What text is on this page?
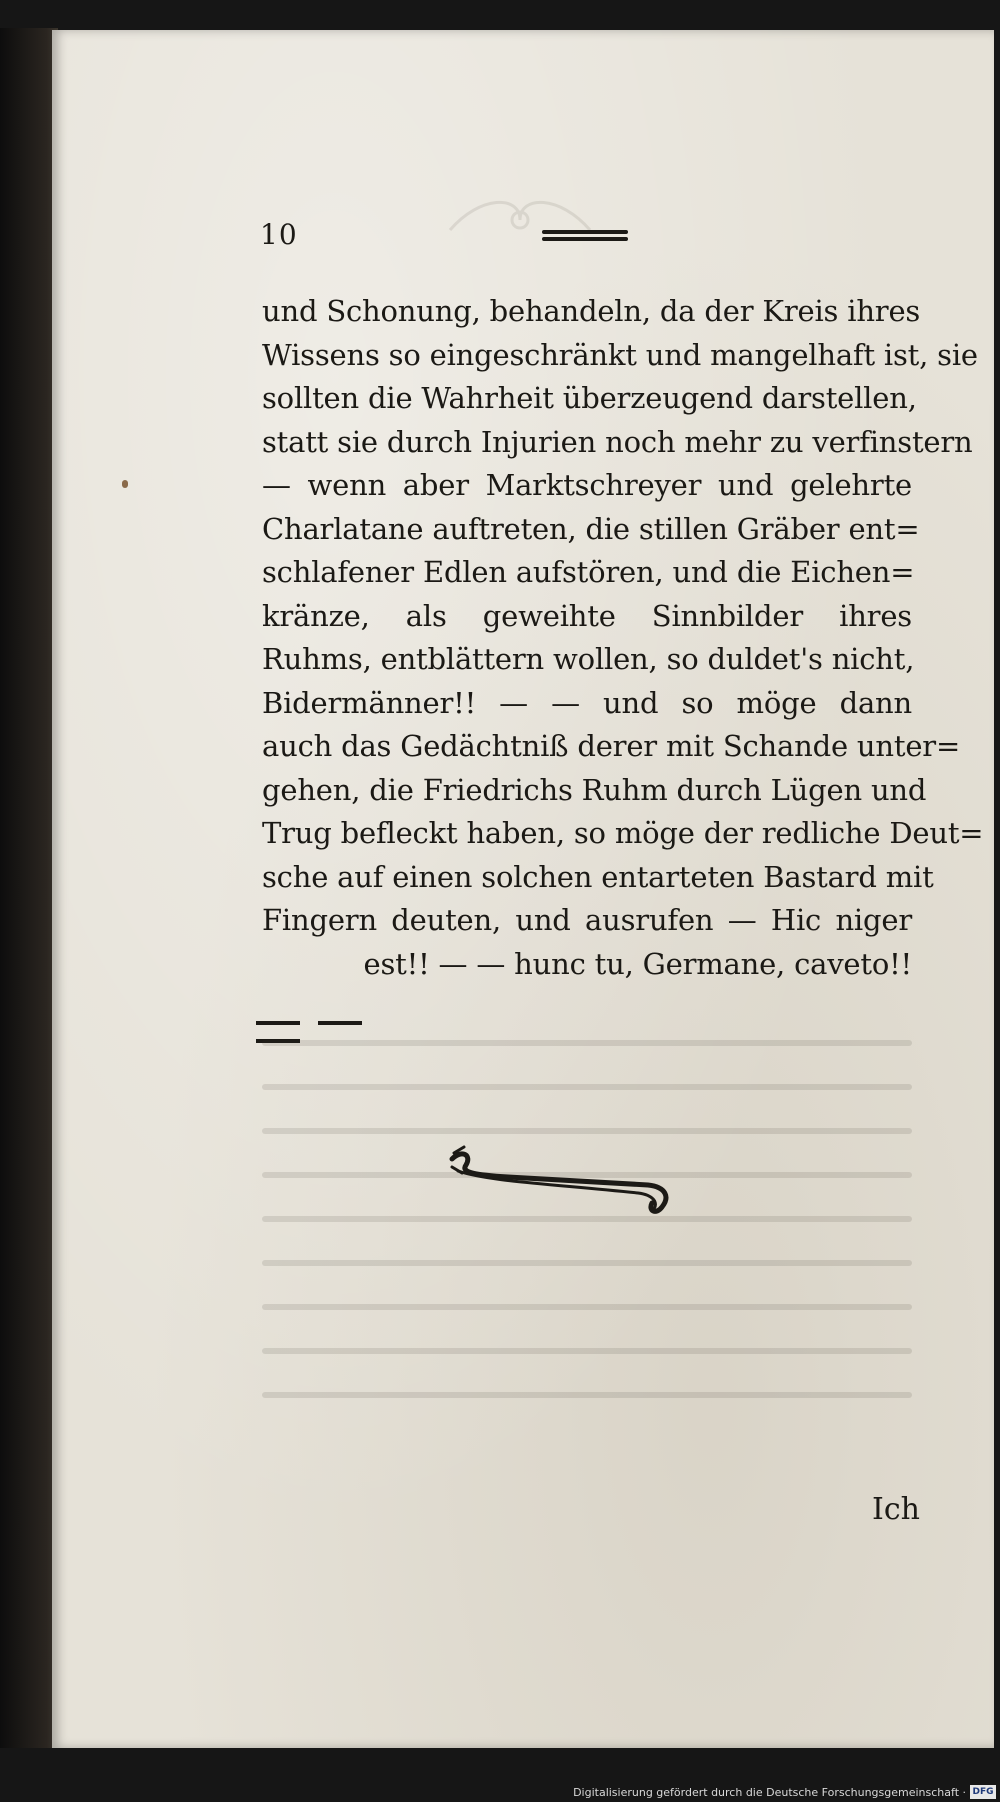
10
und Schonung, behandeln, da der Kreis ihres
Wissens so eingeschränkt und mangelhaft ist, sie
sollten die Wahrheit überzeugend darstellen,
statt sie durch Injurien noch mehr zu verfinstern
— wenn aber Marktschreyer und gelehrte
Charlatane auftreten, die stillen Gräber ent=
schlafener Edlen aufstören, und die Eichen=
kränze, als geweihte Sinnbilder ihres
Ruhms, entblättern wollen, so duldet's nicht,
Bidermänner!! — — und so möge dann
auch das Gedächtniß derer mit Schande unter=
gehen, die Friedrichs Ruhm durch Lügen und
Trug befleckt haben, so möge der redliche Deut=
sche auf einen solchen entarteten Bastard mit
Fingern deuten, und ausrufen — Hic niger
est!! — — hunc tu, Germane, caveto!!
Ich
Digitalisierung gefördert durch die Deutsche Forschungsgemeinschaft · DFG
